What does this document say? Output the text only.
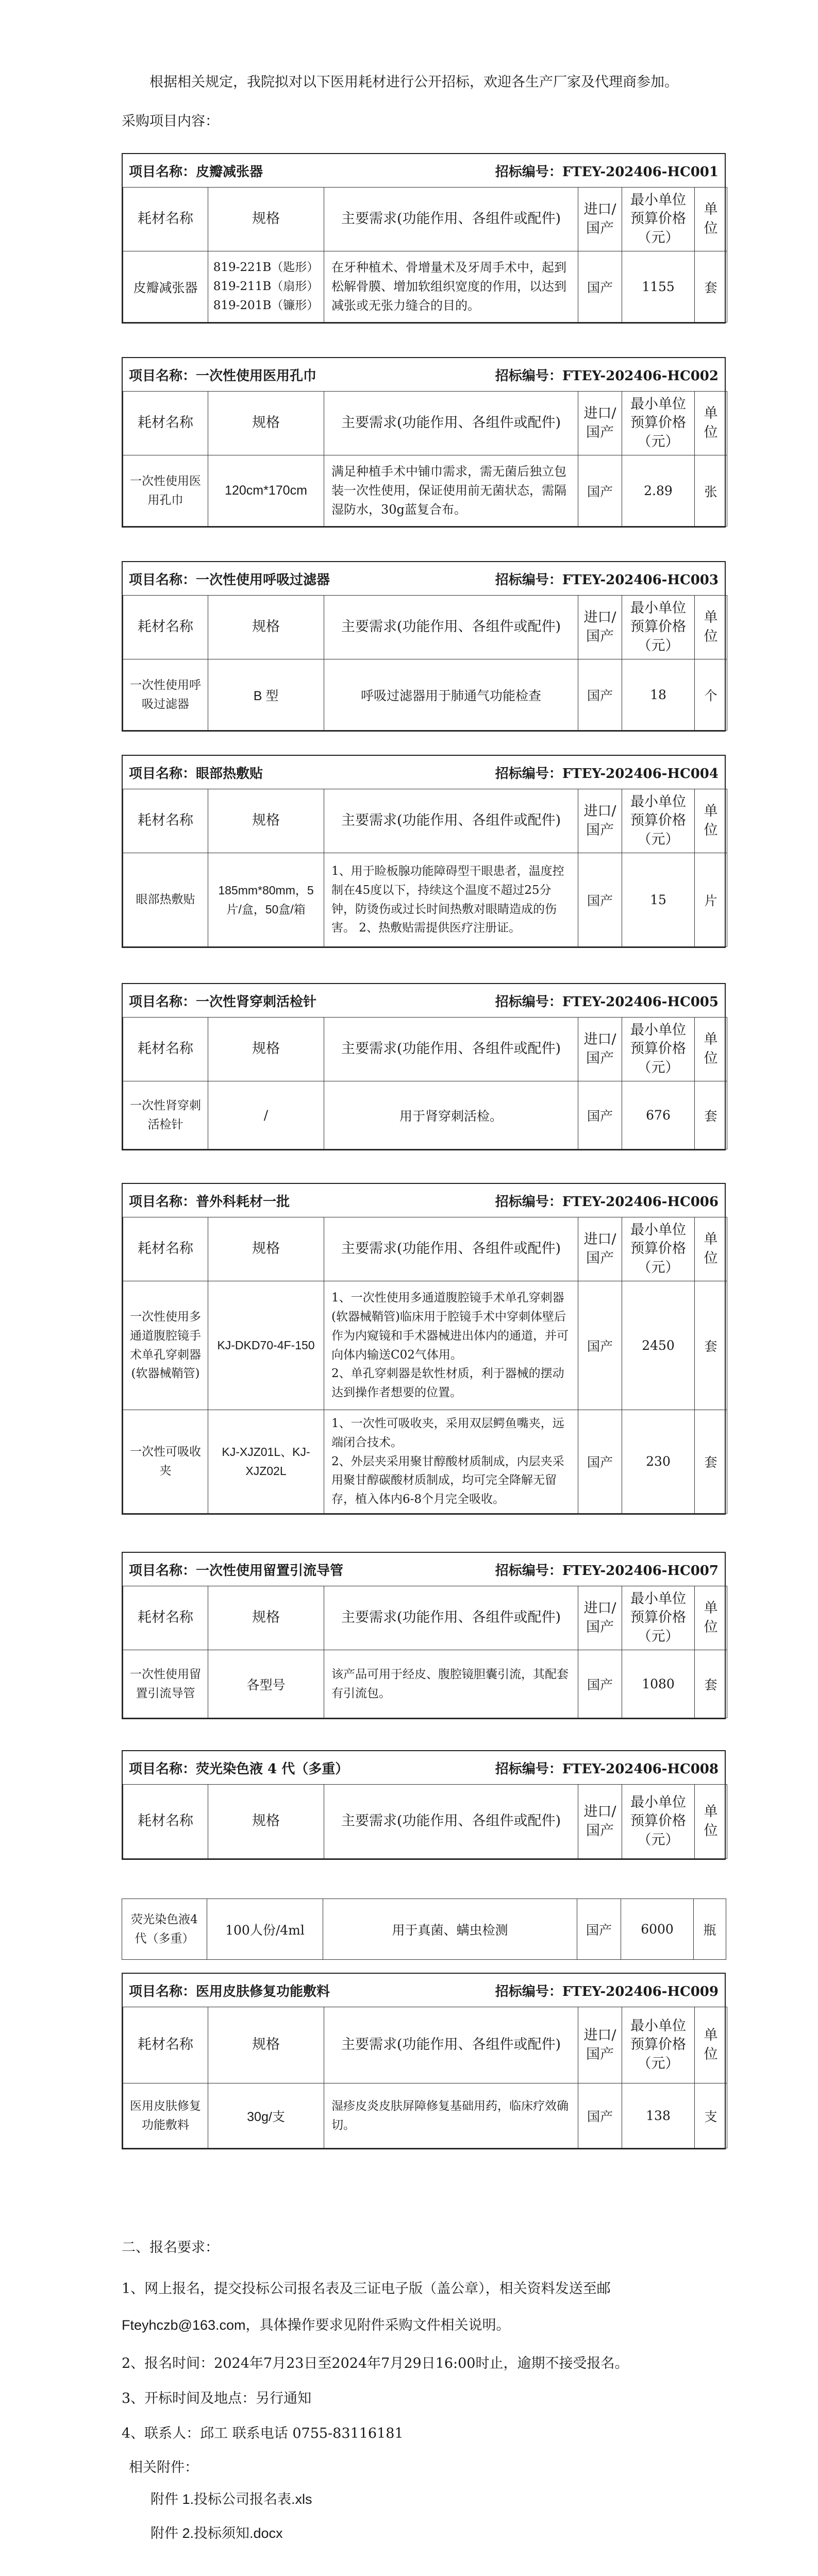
根据相关规定，我院拟对以下医用耗材进行公开招标，欢迎各生产厂家及代理商参加。
采购项目内容：
项目名称：皮瓣减张器	招标编号：FTEY-202406-HC001
耗材名称	规格	主要需求(功能作用、各组件或配件)	进口/国产	最小单位预算价格（元）	单位
皮瓣减张器	819-221B（匙形）
819-211B（扇形）
819-201B（镰形）	在牙种植术、骨增量术及牙周手术中，起到松解骨膜、增加软组织宽度的作用，以达到减张或无张力缝合的目的。	国产	1155	套
项目名称：一次性使用医用孔巾	招标编号：FTEY-202406-HC002
耗材名称	规格	主要需求(功能作用、各组件或配件)	进口/国产	最小单位预算价格（元）	单位
一次性使用医用孔巾	120cm*170cm	满足种植手术中铺巾需求，需无菌后独立包装一次性使用，保证使用前无菌状态，需隔湿防水，30g蓝复合布。	国产	2.89	张
项目名称：一次性使用呼吸过滤器	招标编号：FTEY-202406-HC003
耗材名称	规格	主要需求(功能作用、各组件或配件)	进口/国产	最小单位预算价格（元）	单位
一次性使用呼吸过滤器	B 型	呼吸过滤器用于肺通气功能检查	国产	18	个
项目名称：眼部热敷贴	招标编号：FTEY-202406-HC004
耗材名称	规格	主要需求(功能作用、各组件或配件)	进口/国产	最小单位预算价格（元）	单位
眼部热敷贴	185mm*80mm，5片/盒，50盒/箱	1、用于睑板腺功能障碍型干眼患者，温度控制在45度以下，持续这个温度不超过25分钟，防烫伤或过长时间热敷对眼睛造成的伤害。 2、热敷贴需提供医疗注册证。	国产	15	片
项目名称：一次性肾穿刺活检针	招标编号：FTEY-202406-HC005
耗材名称	规格	主要需求(功能作用、各组件或配件)	进口/国产	最小单位预算价格（元）	单位
一次性肾穿刺活检针	/	用于肾穿刺活检。	国产	676	套
项目名称：普外科耗材一批	招标编号：FTEY-202406-HC006
耗材名称	规格	主要需求(功能作用、各组件或配件)	进口/国产	最小单位预算价格（元）	单位
一次性使用多通道腹腔镜手术单孔穿刺器(软器械鞘管)	KJ-DKD70-4F-150	1、一次性使用多通道腹腔镜手术单孔穿刺器(软器械鞘管)临床用于腔镜手术中穿刺体壁后作为内窥镜和手术器械进出体内的通道，并可向体内输送C02气体用。
2、单孔穿刺器是软性材质，利于器械的摆动达到操作者想要的位置。	国产	2450	套
一次性可吸收夹	KJ-XJZ01L、KJ-XJZ02L	1、一次性可吸收夹，采用双层鳄鱼嘴夹，远端闭合技术。
2、外层夹采用聚甘醇酸材质制成，内层夹采用聚甘醇碳酸材质制成，均可完全降解无留存，植入体内6-8个月完全吸收。	国产	230	套
项目名称：一次性使用留置引流导管	招标编号：FTEY-202406-HC007
耗材名称	规格	主要需求(功能作用、各组件或配件)	进口/国产	最小单位预算价格（元）	单位
一次性使用留置引流导管	各型号	该产品可用于经皮、腹腔镜胆囊引流，其配套有引流包。	国产	1080	套
项目名称：荧光染色液 4 代（多重）	招标编号：FTEY-202406-HC008
耗材名称	规格	主要需求(功能作用、各组件或配件)	进口/国产	最小单位预算价格（元）	单位
荧光染色液4代（多重）	100人份/4ml	用于真菌、螨虫检测	国产	6000	瓶
项目名称：医用皮肤修复功能敷料	招标编号：FTEY-202406-HC009
耗材名称	规格	主要需求(功能作用、各组件或配件)	进口/国产	最小单位预算价格（元）	单位
医用皮肤修复功能敷料	30g/支	湿疹皮炎皮肤屏障修复基础用药，临床疗效确切。	国产	138	支
二、报名要求：
1、网上报名，提交投标公司报名表及三证电子版（盖公章），相关资料发送至邮
Fteyhczb@163.com，具体操作要求见附件采购文件相关说明。
2、报名时间：2024年7月23日至2024年7月29日16:00时止，逾期不接受报名。
3、开标时间及地点：另行通知
4、联系人：邱工 联系电话 0755-83116181
相关附件：
附件 1.投标公司报名表.xls
附件 2.投标须知.docx
